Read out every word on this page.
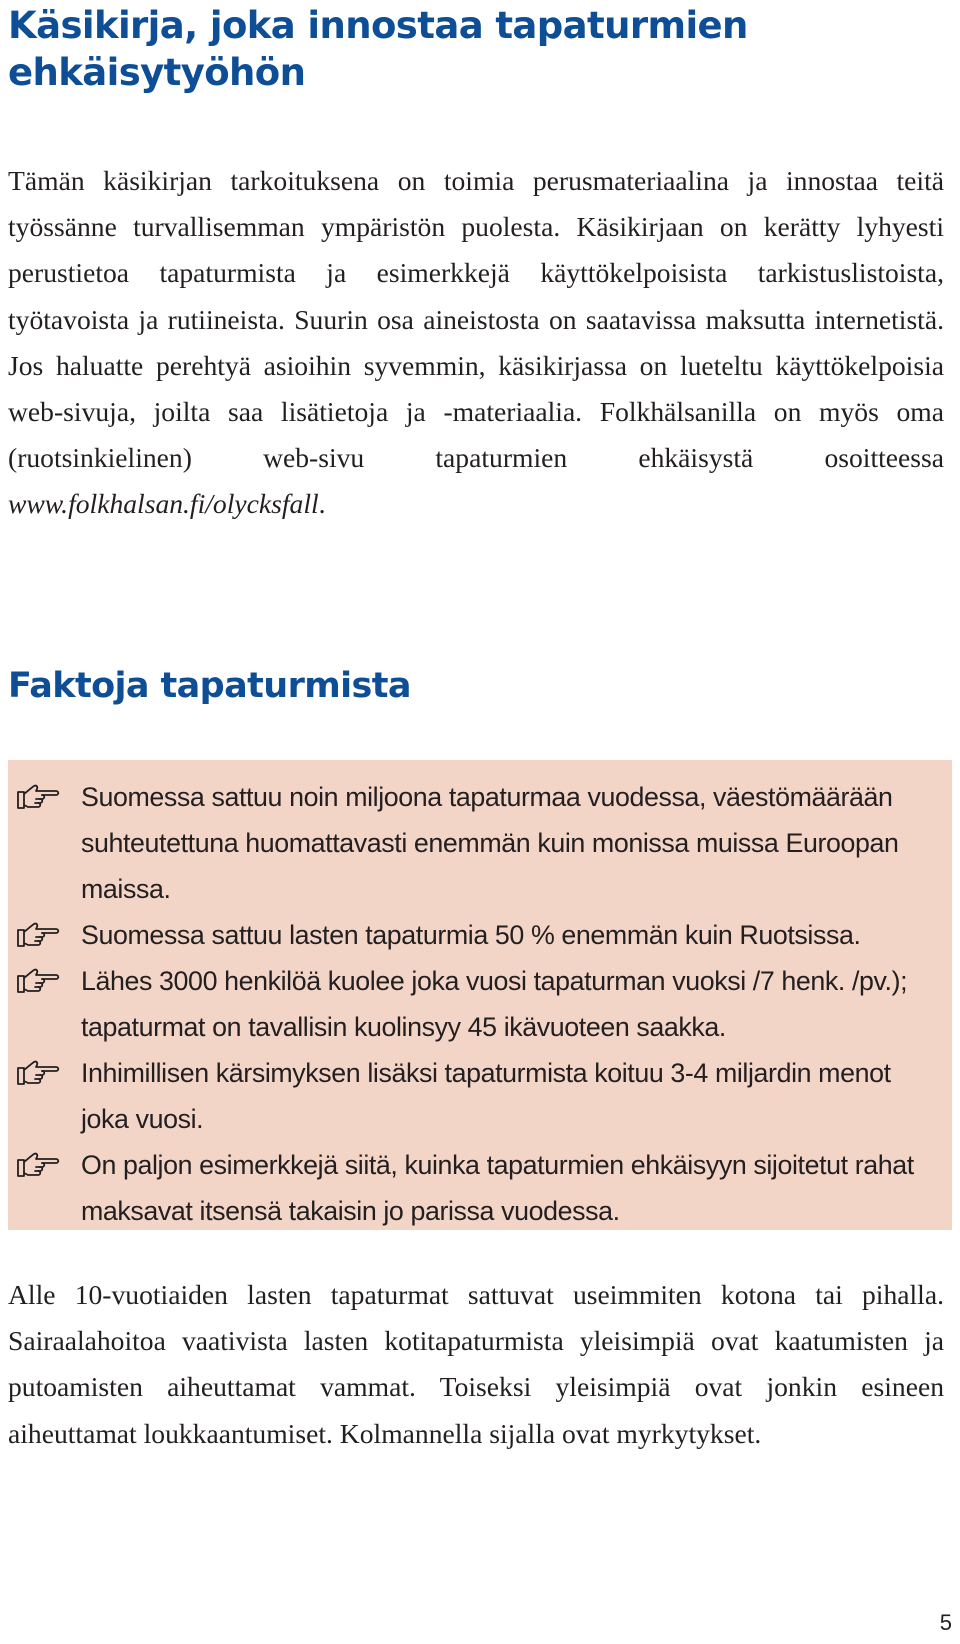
Käsikirja, joka innostaa tapaturmien ehkäisytyöhön

Tämän käsikirjan tarkoituksena on toimia perusmateriaalina ja innostaa teitä työssänne turvallisemman ympäristön puolesta. Käsikirjaan on kerätty lyhyesti perustietoa tapaturmista ja esimerkkejä käyttökelpoisista tarkistuslistoista, työtavoista ja rutiineista. Suurin osa aineistosta on saatavissa maksutta internetistä. Jos haluatte perehtyä asioihin syvemmin, käsikirjassa on lueteltu käyttökelpoisia web-sivuja, joilta saa lisätietoja ja -materiaalia. Folkhälsanilla on myös oma (ruotsinkielinen) web-sivu tapaturmien ehkäisystä osoitteessa www.folkhalsan.fi/olycksfall.

Faktoja tapaturmista

Suomessa sattuu noin miljoona tapaturmaa vuodessa, väestömäärään suhteutettuna huomattavasti enemmän kuin monissa muissa Euroopan maissa.

Suomessa sattuu lasten tapaturmia 50 % enemmän kuin Ruotsissa.

Lähes 3000 henkilöä kuolee joka vuosi tapaturman vuoksi /7 henk. /pv.); tapaturmat on tavallisin kuolinsyy 45 ikävuoteen saakka.

Inhimillisen kärsimyksen lisäksi tapaturmista koituu 3-4 miljardin menot joka vuosi.

On paljon esimerkkejä siitä, kuinka tapaturmien ehkäisyyn sijoitetut rahat maksavat itsensä takaisin jo parissa vuodessa.

Alle 10-vuotiaiden lasten tapaturmat sattuvat useimmiten kotona tai pihalla. Sairaalahoitoa vaativista lasten kotitapaturmista yleisimpiä ovat kaatumisten ja putoamisten aiheuttamat vammat. Toiseksi yleisimpiä ovat jonkin esineen aiheuttamat loukkaantumiset. Kolmannella sijalla ovat myrkytykset.

5
